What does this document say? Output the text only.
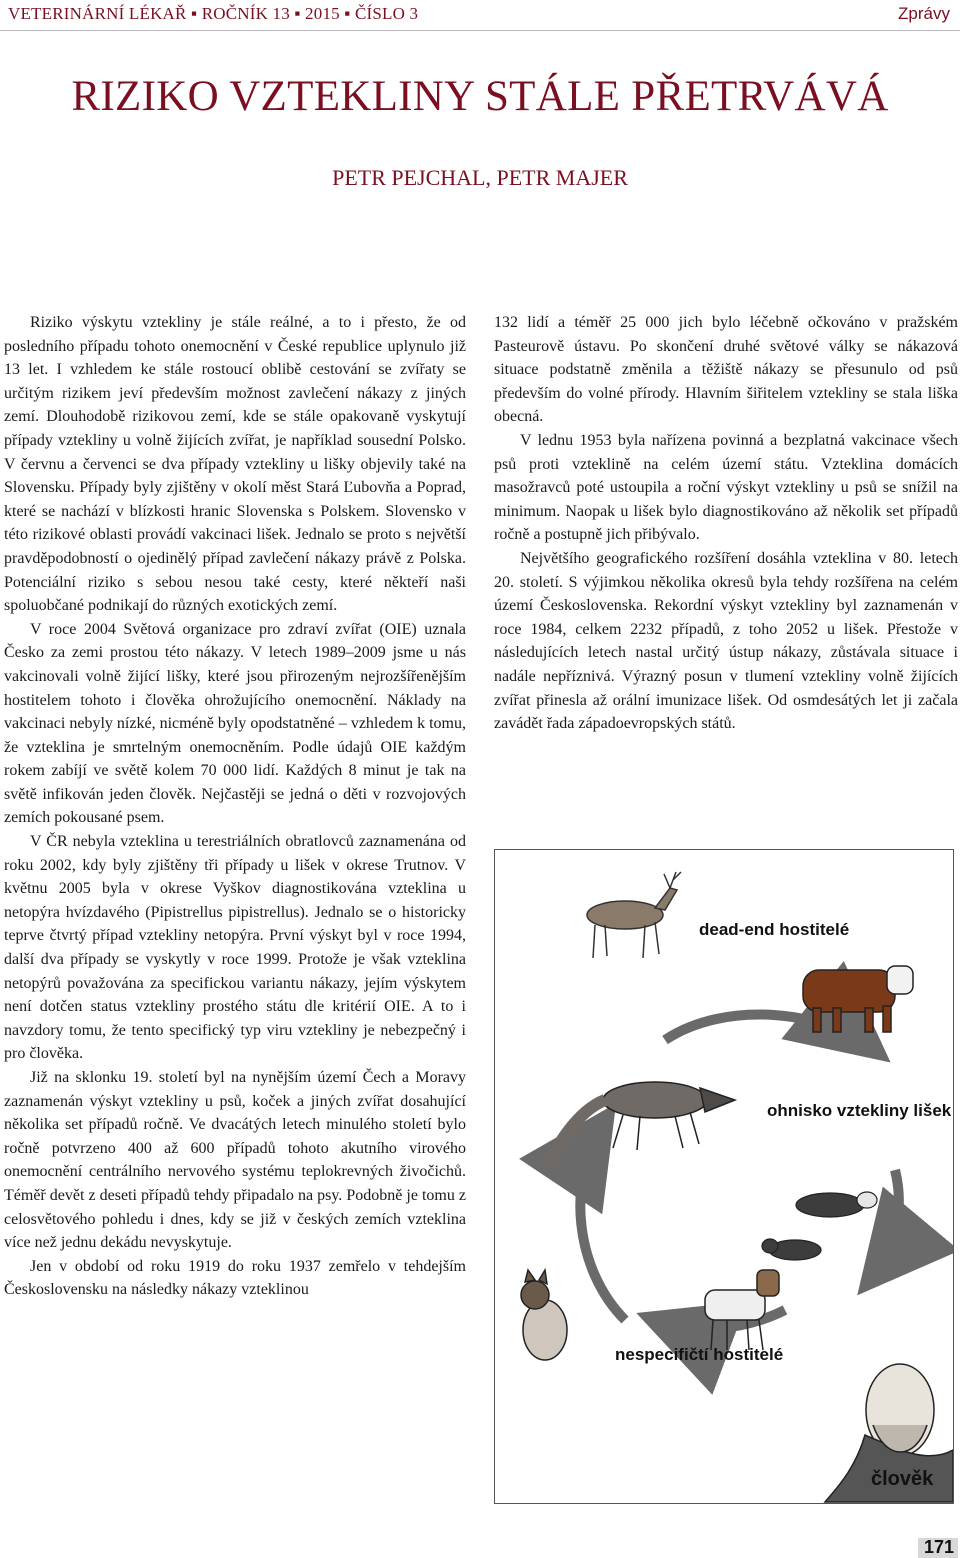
VETERINÁRNÍ LÉKAŘ ▪ ROČNÍK 13 ▪ 2015 ▪ ČÍSLO 3	Zprávy
RIZIKO VZTEKLINY STÁLE PŘETRVÁVÁ
PETR PEJCHAL, PETR MAJER

Riziko výskytu vztekliny je stále reálné, a to i přesto, že od posledního případu tohoto onemocnění v České republice uplynulo již 13 let. I vzhledem ke stále rostoucí oblibě cestování se zvířaty se určitým rizikem jeví především možnost zavlečení nákazy z jiných zemí. Dlouhodobě rizikovou zemí, kde se stále opakovaně vyskytují případy vztekliny u volně žijících zvířat, je například sousední Polsko. V červnu a červenci se dva případy vztekliny u lišky objevily také na Slovensku. Případy byly zjištěny v okolí měst Stará Ľubovňa a Poprad, které se nachází v blízkosti hranic Slovenska s Polskem. Slovensko v této rizikové oblasti provádí vakcinaci lišek. Jednalo se proto s největší pravděpodobností o ojedinělý případ zavlečení nákazy právě z Polska. Potenciální riziko s sebou nesou také cesty, které někteří naši spoluobčané podnikají do různých exotických zemí.

V roce 2004 Světová organizace pro zdraví zvířat (OIE) uznala Česko za zemi prostou této nákazy. V letech 1989–2009 jsme u nás vakcinovali volně žijící lišky, které jsou přirozeným nejrozšířenějším hostitelem tohoto i člověka ohrožujícího onemocnění. Náklady na vakcinaci nebyly nízké, nicméně byly opodstatněné – vzhledem k tomu, že vzteklina je smrtelným onemocněním. Podle údajů OIE každým rokem zabíjí ve světě kolem 70 000 lidí. Každých 8 minut je tak na světě infikován jeden člověk. Nejčastěji se jedná o děti v rozvojových zemích pokousané psem.

V ČR nebyla vzteklina u terestriálních obratlovců zaznamenána od roku 2002, kdy byly zjištěny tři případy u lišek v okrese Trutnov. V květnu 2005 byla v okrese Vyškov diagnostikována vzteklina u netopýra hvízdavého (Pipistrellus pipistrellus). Jednalo se o historicky teprve čtvrtý případ vztekliny netopýra. První výskyt byl v roce 1994, další dva případy se vyskytly v roce 1999. Protože je však vzteklina netopýrů považována za specifickou variantu nákazy, jejím výskytem není dotčen status vztekliny prostého státu dle kritérií OIE. A to i navzdory tomu, že tento specifický typ viru vztekliny je nebezpečný i pro člověka.

Již na sklonku 19. století byl na nynějším území Čech a Moravy zaznamenán výskyt vztekliny u psů, koček a jiných zvířat dosahující několika set případů ročně. Ve dvacátých letech minulého století bylo ročně potvrzeno 400 až 600 případů tohoto akutního virového onemocnění centrálního nervového systému teplokrevných živočichů. Téměř devět z deseti případů tehdy připadalo na psy. Podobně je tomu z celosvětového pohledu i dnes, kdy se již v českých zemích vzteklina více než jednu dekádu nevyskytuje.

Jen v období od roku 1919 do roku 1937 zemřelo v tehdejším Československu na následky nákazy vzteklinou

132 lidí a téměř 25 000 jich bylo léčebně očkováno v pražském Pasteurově ústavu. Po skončení druhé světové války se nákazová situace podstatně změnila a těžiště nákazy se přesunulo od psů především do volné přírody. Hlavním šiřitelem vztekliny se stala liška obecná.

V lednu 1953 byla nařízena povinná a bezplatná vakcinace všech psů proti vzteklině na celém území státu. Vzteklina domácích masožravců poté ustoupila a roční výskyt vztekliny u psů se snížil na minimum. Naopak u lišek bylo diagnostikováno až několik set případů ročně a postupně jich přibývalo.

Největšího geografického rozšíření dosáhla vzteklina v 80. letech 20. století. S výjimkou několika okresů byla tehdy rozšířena na celém území Československa. Rekordní výskyt vztekliny byl zaznamenán v roce 1984, celkem 2232 případů, z toho 2052 u lišek. Přestože v následujících letech nastal určitý ústup nákazy, zůstávala situace i nadále nepříznivá. Výrazný posun v tlumení vztekliny volně žijících zvířat přinesla až orální imunizace lišek. Od osmdesátých let ji začala zavádět řada západoevropských států.

dead-end hostitelé
ohnisko vztekliny lišek
nespecifičtí hostitelé
člověk
171
